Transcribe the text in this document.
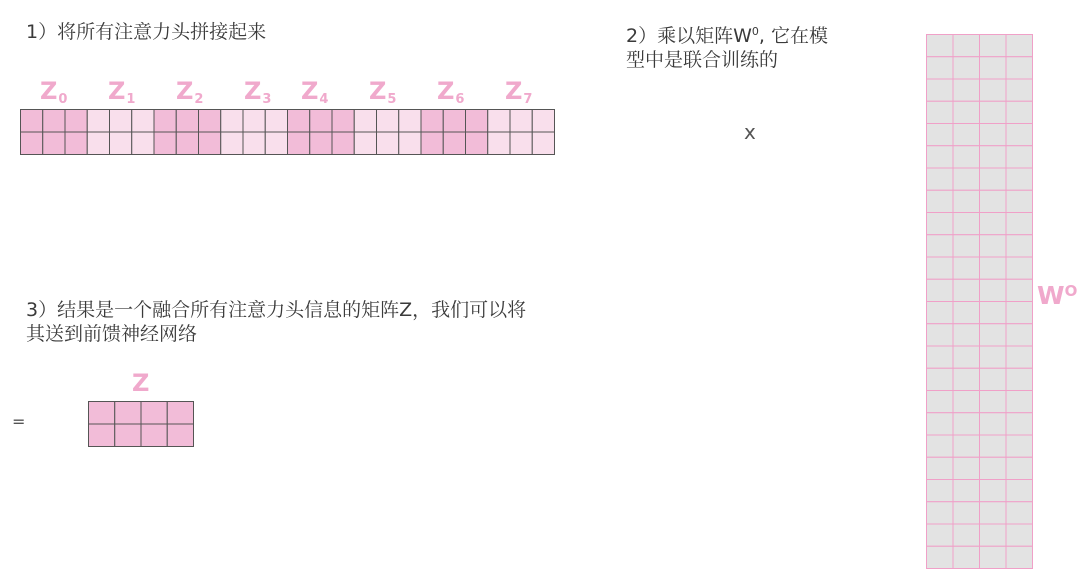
1）将所有注意力头拼接起来	2）乘以矩阵$W^0$, 它在模
型中是联合训练的
3）结果是一个融合所有注意力头信息的矩阵Z，我们可以将
其送到前馈神经网络
$Z_0$ $Z_1$ $Z_2$ $Z_3$ $Z_4$ $Z_5$ $Z_6$ $Z_7$
x
=
Z
$W^O$
